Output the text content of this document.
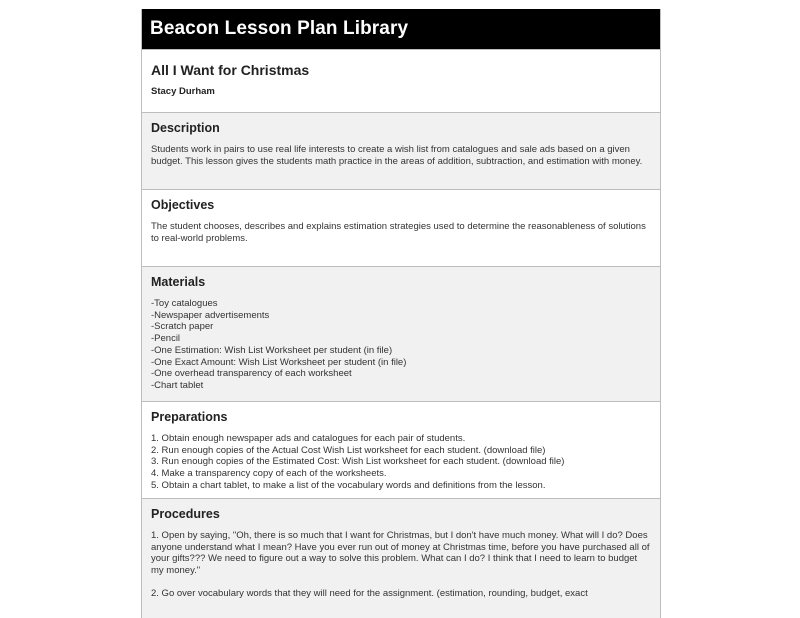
Beacon Lesson Plan Library
All I Want for Christmas
Stacy Durham
Description

Students work in pairs to use real life interests to create a wish list from catalogues and sale ads based on a given budget. This lesson gives the students math practice in the areas of addition, subtraction, and estimation with money.

Objectives

The student chooses, describes and explains estimation strategies used to determine the reasonableness of solutions to real-world problems.

Materials
-Toy catalogues
-Newspaper advertisements
-Scratch paper
-Pencil
-One Estimation: Wish List Worksheet per student (in file)
-One Exact Amount: Wish List Worksheet per student (in file)
-One overhead transparency of each worksheet
-Chart tablet
Preparations
1. Obtain enough newspaper ads and catalogues for each pair of students.
2. Run enough copies of the Actual Cost Wish List worksheet for each student. (download file)
3. Run enough copies of the Estimated Cost: Wish List worksheet for each student. (download file)
4. Make a transparency copy of each of the worksheets.
5. Obtain a chart tablet, to make a list of the vocabulary words and definitions from the lesson.
Procedures

1. Open by saying, "Oh, there is so much that I want for Christmas, but I don't have much money. What will I do? Does anyone understand what I mean? Have you ever run out of money at Christmas time, before you have purchased all of your gifts??? We need to figure out a way to solve this problem. What can I do? I think that I need to learn to budget my money."

2. Go over vocabulary words that they will need for the assignment. (estimation, rounding, budget, exact
